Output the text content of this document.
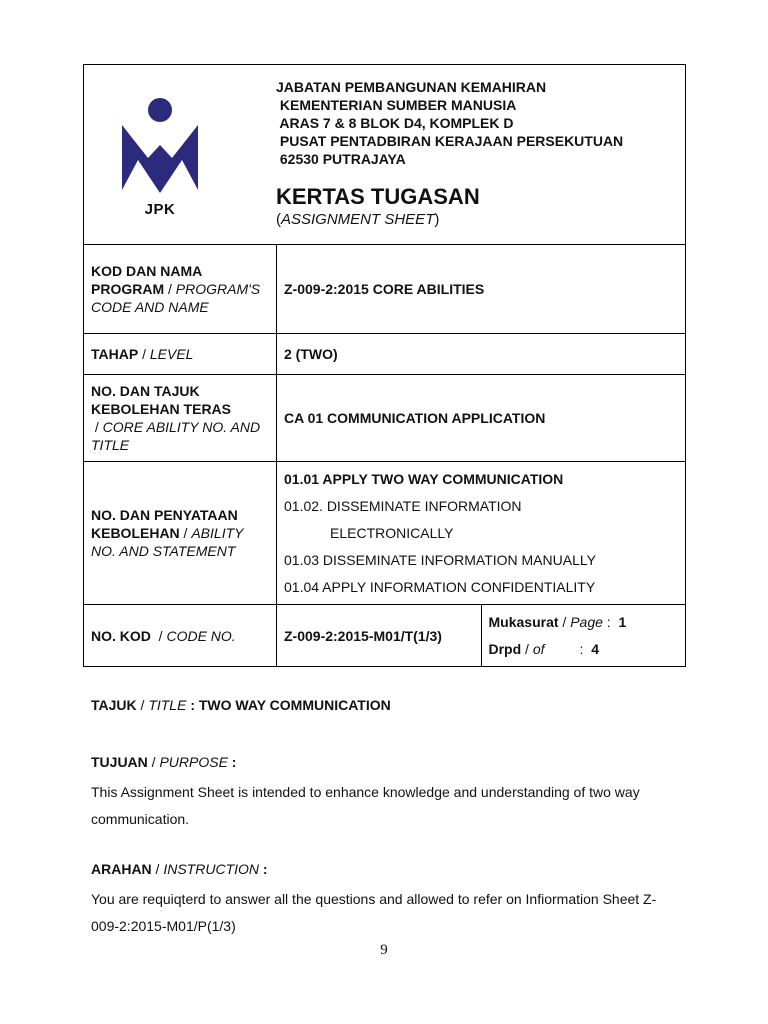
JPK
JABATAN PEMBANGUNAN KEMAHIRAN
KEMENTERIAN SUMBER MANUSIA
ARAS 7 & 8 BLOK D4, KOMPLEK D
PUSAT PENTADBIRAN KERAJAAN PERSEKUTUAN
62530 PUTRAJAYA
KERTAS TUGASAN
(ASSIGNMENT SHEET)
KOD DAN NAMA PROGRAM / PROGRAM'S CODE AND NAME	Z-009-2:2015 CORE ABILITIES	
TAHAP / LEVEL	2 (TWO)	
NO. DAN TAJUK KEBOLEHAN TERAS / CORE ABILITY NO. AND TITLE	CA 01 COMMUNICATION APPLICATION	
NO. DAN PENYATAAN KEBOLEHAN / ABILITY NO. AND STATEMENT	01.01 APPLY TWO WAY COMMUNICATION
01.02. DISSEMINATE INFORMATION
ELECTRONICALLY
01.03 DISSEMINATE INFORMATION MANUALLY
01.04 APPLY INFORMATION CONFIDENTIALITY	

NO. KOD  / CODE NO.	Z-009-2:2015-M01/T(1/3)	Mukasurat / Page :  1
Drpd / of         :  4
TAJUK / TITLE : TWO WAY COMMUNICATION
TUJUAN / PURPOSE :
This Assignment Sheet is intended to enhance knowledge and understanding of two way communication.
ARAHAN / INSTRUCTION :
You are requiqterd to answer all the questions and allowed to refer on Infiormation Sheet Z-009-2:2015-M01/P(1/3)
9
